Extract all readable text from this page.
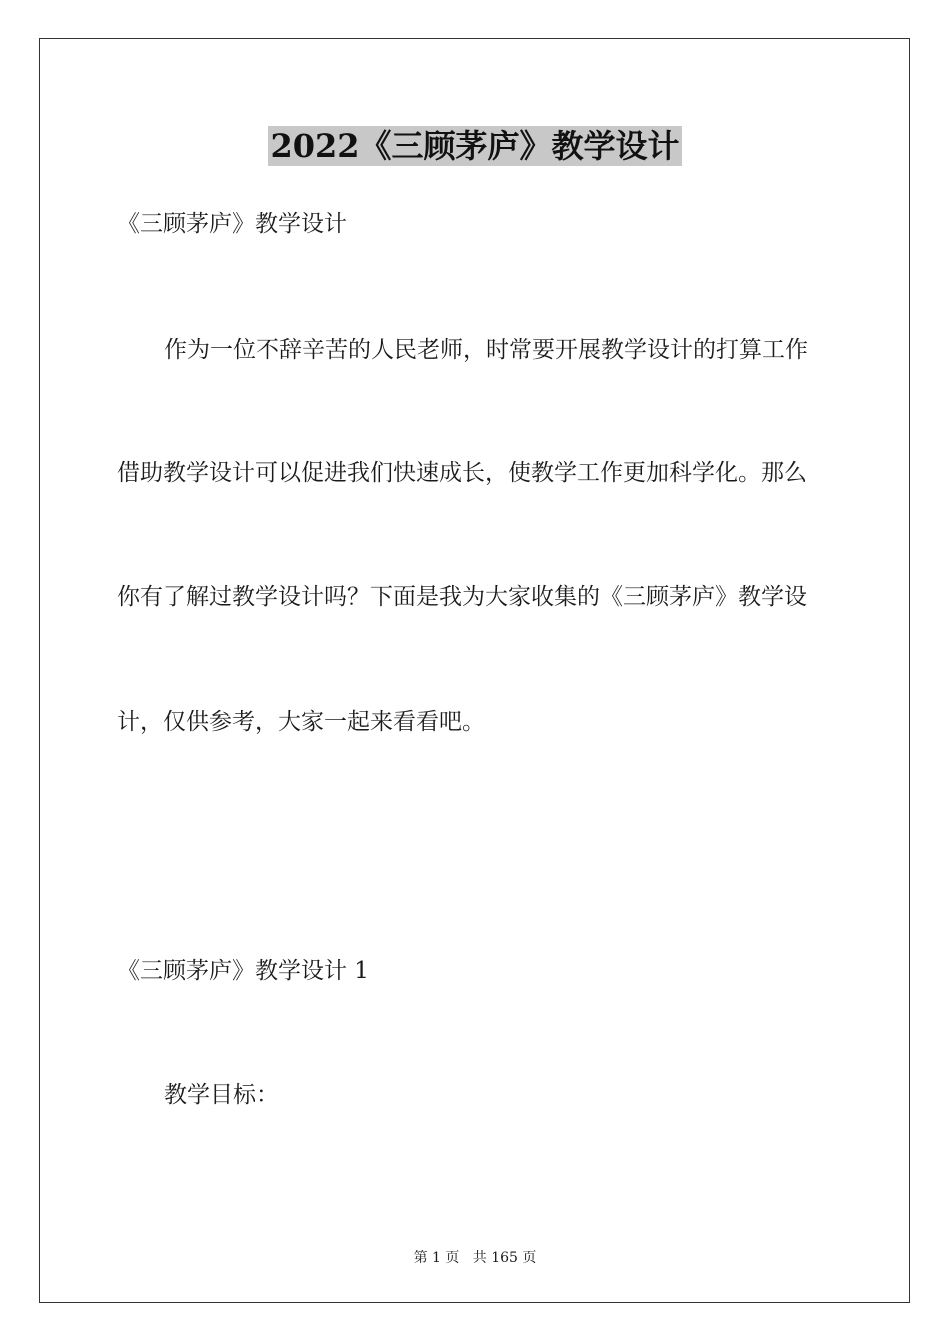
2022《三顾茅庐》教学设计
《三顾茅庐》教学设计
作为一位不辞辛苦的人民老师，时常要开展教学设计的打算工作
借助教学设计可以促进我们快速成长，使教学工作更加科学化。那么
你有了解过教学设计吗？下面是我为大家收集的《三顾茅庐》教学设
计，仅供参考，大家一起来看看吧。
《三顾茅庐》教学设计 1
教学目标：
第 1 页 共 165 页
